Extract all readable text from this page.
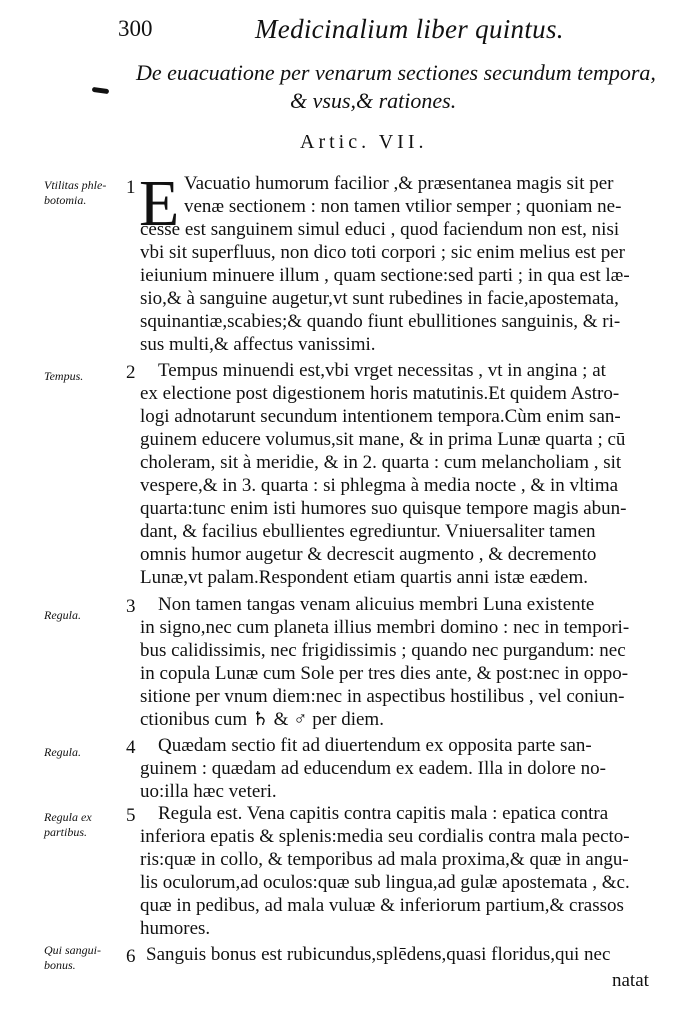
300	Medicinalium liber quintus.
De euacuatione per venarum sectiones secundum tempora,
& vsus,& rationes.
Artic. VII.
Vtilitas phle-
botomia.
Tempus.
Regula.
Regula.
Regula ex
partibus.
Qui sangui-
bonus.
1 E Vacuatio humorum facilior ,& præsentanea magis sit per
venæ sectionem : non tamen vtilior semper ; quoniam ne-
cesse est sanguinem simul educi , quod faciendum non est, nisi
vbi sit superfluus, non dico toti corpori ; sic enim melius est per
ieiunium minuere illum , quam sectione:sed parti ; in qua est læ-
sio,& à sanguine augetur,vt sunt rubedines in facie,apostemata,
squinantiæ,scabies;& quando fiunt ebullitiones sanguinis, & ri-
sus multi,& affectus vanissimi.
2 Tempus minuendi est,vbi vrget necessitas , vt in angina ; at
ex electione post digestionem horis matutinis.Et quidem Astro-
logi adnotarunt secundum intentionem tempora.Cùm enim san-
guinem educere volumus,sit mane, & in prima Lunæ quarta ; cū
choleram, sit à meridie, & in 2. quarta : cum melancholiam , sit
vespere,& in 3. quarta : si phlegma à media nocte , & in vltima
quarta:tunc enim isti humores suo quisque tempore magis abun-
dant, & facilius ebullientes egrediuntur. Vniuersaliter tamen
omnis humor augetur & decrescit augmento , & decremento
Lunæ,vt palam.Respondent etiam quartis anni istæ eædem.
3 Non tamen tangas venam alicuius membri Luna existente
in signo,nec cum planeta illius membri domino : nec in tempori-
bus calidissimis, nec frigidissimis ; quando nec purgandum: nec
in copula Lunæ cum Sole per tres dies ante, & post:nec in oppo-
sitione per vnum diem:nec in aspectibus hostilibus , vel coniun-
ctionibus cum ♄ & ♂ per diem.
4 Quædam sectio fit ad diuertendum ex opposita parte san-
guinem : quædam ad educendum ex eadem. Illa in dolore no-
uo:illa hæc veteri.
5 Regula est. Vena capitis contra capitis mala : epatica contra
inferiora epatis & splenis:media seu cordialis contra mala pecto-
ris:quæ in collo, & temporibus ad mala proxima,& quæ in angu-
lis oculorum,ad oculos:quæ sub lingua,ad gulæ apostemata , &c.
quæ in pedibus, ad mala vuluæ & inferiorum partium,& crassos
humores.
6 Sanguis bonus est rubicundus,splēdens,quasi floridus,qui nec
natat
